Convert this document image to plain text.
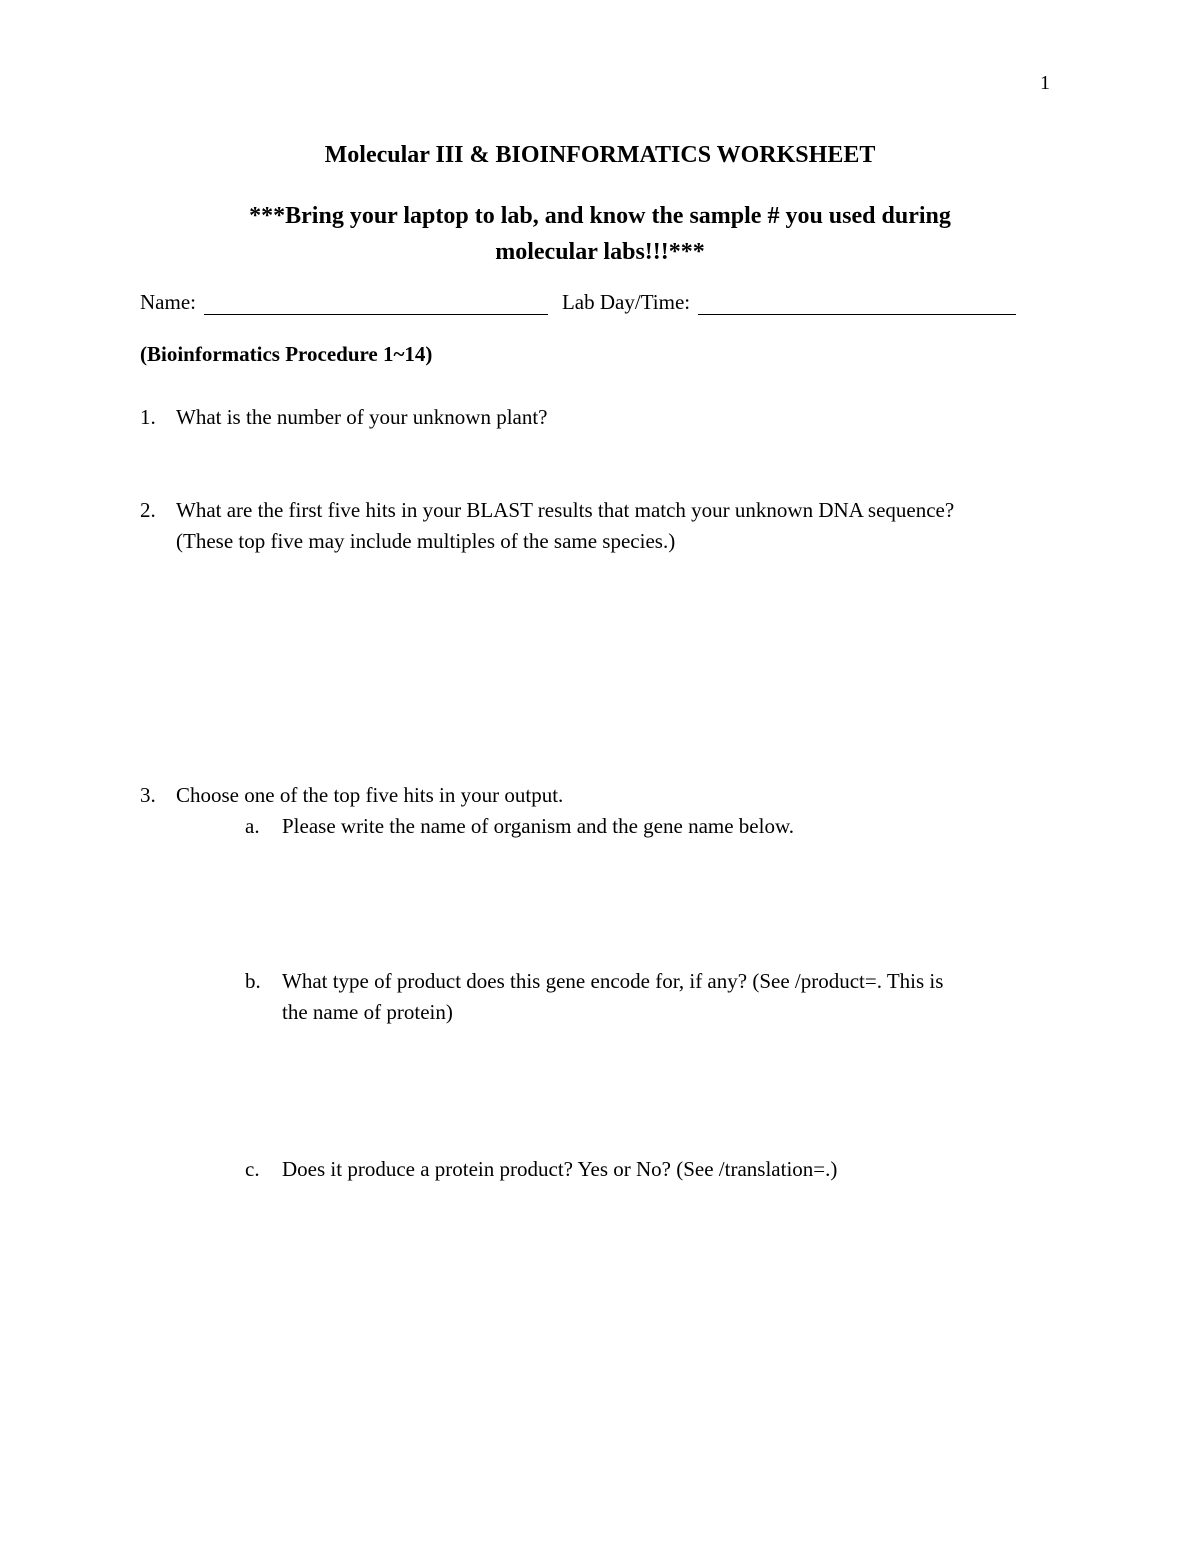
1
Molecular III & BIOINFORMATICS WORKSHEET
***Bring your laptop to lab, and know the sample # you used during
molecular labs!!!***
Name:	Lab Day/Time:
(Bioinformatics Procedure 1~14)
1. What is the number of your unknown plant?
2. What are the first five hits in your BLAST results that match your unknown DNA sequence?
(These top five may include multiples of the same species.)
3. Choose one of the top five hits in your output.
a. Please write the name of organism and the gene name below.
b. What type of product does this gene encode for, if any? (See /product=. This is
the name of protein)
c. Does it produce a protein product? Yes or No? (See /translation=.)
